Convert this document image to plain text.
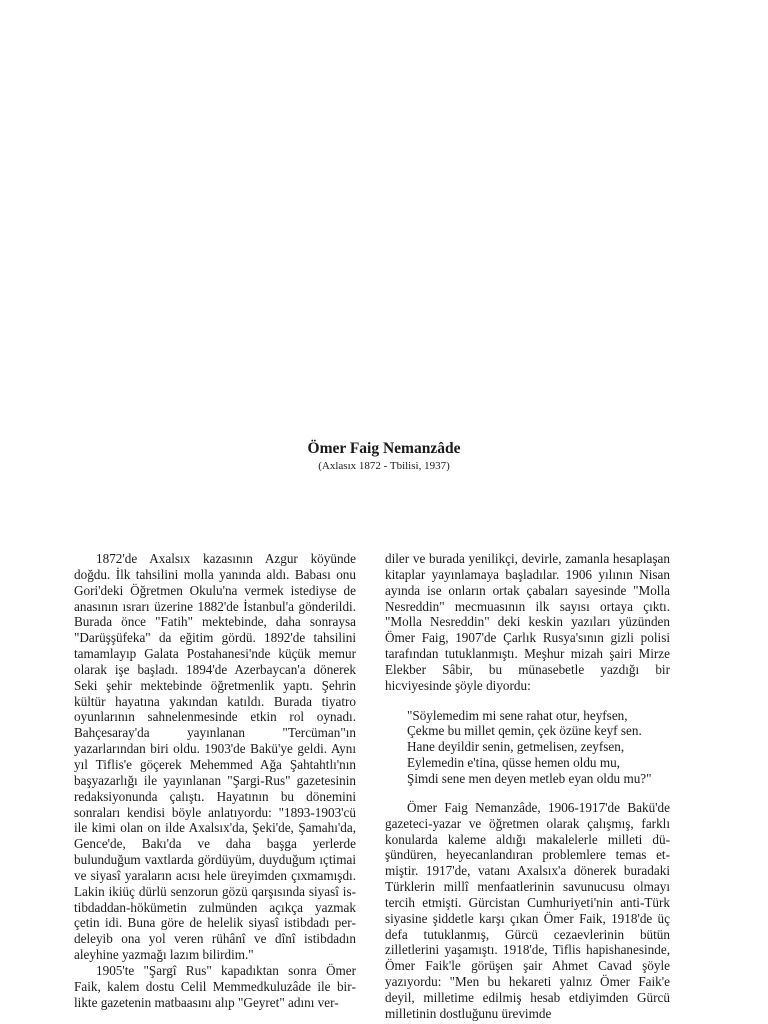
Ömer Faig Nemanzâde
(Axlasıx 1872 - Tbilisi, 1937)

1872'de Axalsıx kazasının Azgur köyünde doğdu. İlk tahsilini molla yanında aldı. Babası onu Gori'deki Öğretmen Okulu'na vermek istediyse de anasının ısrarı üzerine 1882'de İstanbul'a gönderildi. Burada önce "Fatih" mektebinde, daha sonraysa "Darüşşüfeka" da eğitim gördü. 1892'de tahsilini tamamlayıp Galata Postahanesi'nde küçük memur olarak işe başladı. 1894'de Azerbaycan'a dönerek Seki şehir mektebinde öğretmenlik yaptı. Şehrin kültür hayatına yakından katıldı. Burada tiyatro oyunlarının sahnelenmesinde etkin rol oynadı. Bahçesaray'da yayınlanan "Tercüman"ın yazarlarından biri oldu. 1903'de Bakü'ye geldi. Aynı yıl Tiflis'e göçerek Mehemmed Ağa Şahtahtlı'nın başyazarlığı ile yayınlanan "Şargi-Rus" gazetesinin redaksiyonunda çalıştı. Hayatının bu dönemini sonraları kendisi böyle anlatıyordu: "1893-1903'cü ile kimi olan on ilde Axalsıx'da, Şeki'de, Şamahı'da, Gence'de, Bakı'da ve daha başga yerlerde bulunduğum vaxtlarda gördüyüm, duyduğum ıçtimai ve siyasî yaraların acısı hele üreyimden çıxmamışdı. Lakin ikiüç dürlü senzorun gözü qarşısında siyasî istibdaddan-hökümetin zulmünden açıkça yazmak çetin idi. Buna göre de helelik siyasî istibdadı perdeleyib ona yol veren rühânî ve dînî istibdadın aleyhine yazmağı lazım bilirdim."

1905'te "Şargî Rus" kapadıktan sonra Ömer Faik, kalem dostu Celil Memmedkuluzâde ile birlikte gazetenin matbaasını alıp "Geyret" adını ver-

diler ve burada yenilikçi, devirle, zamanla hesaplaşan kitaplar yayınlamaya başladılar. 1906 yılının Nisan ayında ise onların ortak çabaları sayesinde "Molla Nesreddin" mecmuasının ilk sayısı ortaya çıktı. "Molla Nesreddin" deki keskin yazıları yüzünden Ömer Faig, 1907'de Çarlık Rusya'sının gizli polisi tarafından tutuklanmıştı. Meşhur mizah şairi Mirze Elekber Sâbir, bu münasebetle yazdığı bir hicviyesinde şöyle diyordu:

"Söylemedim mi sene rahat otur, heyfsen,
Çekme bu millet qemin, çek özüne keyf sen.
Hane deyildir senin, getmelisen, zeyfsen,
Eylemedin e'tina, qüsse hemen oldu mu,
Şimdi sene men deyen metleb eyan oldu mu?"

Ömer Faig Nemanzâde, 1906-1917'de Bakü'de gazeteci-yazar ve öğretmen olarak çalışmış, farklı konularda kaleme aldığı makalelerle milleti düşündüren, heyecanlandıran problemlere temas etmiştir. 1917'de, vatanı Axalsıx'a dönerek buradaki Türklerin millî menfaatlerinin savunucusu olmayı tercih etmişti. Gürcistan Cumhuriyeti'nin anti-Türk siyasine şiddetle karşı çıkan Ömer Faik, 1918'de üç defa tutuklanmış, Gürcü cezaevlerinin bütün zilletlerini yaşamıştı. 1918'de, Tiflis hapishanesinde, Ömer Faik'le görüşen şair Ahmet Cavad şöyle yazıyordu: "Men bu hekareti yalnız Ömer Faik'e deyil, milletime edilmiş hesab etdiyimden Gürcü milletinin dostluğunu ürevimde
